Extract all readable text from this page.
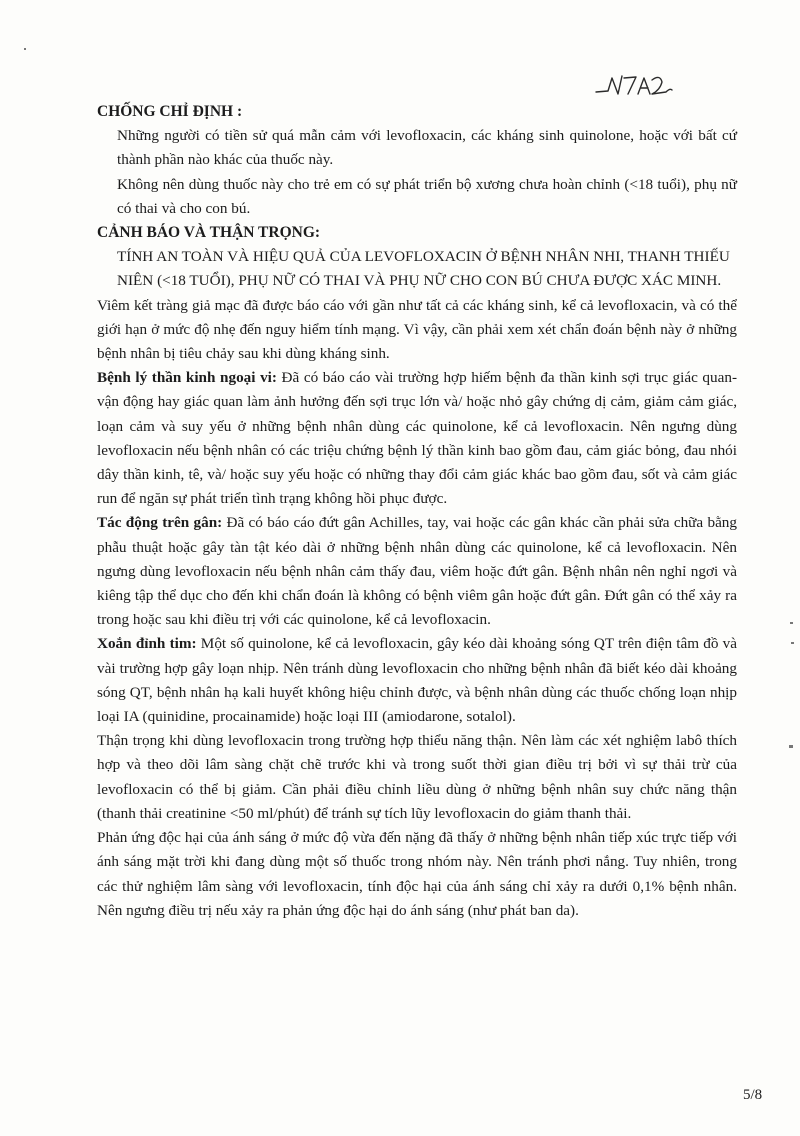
CHỐNG CHỈ ĐỊNH :

Những người có tiền sử quá mẫn cảm với levofloxacin, các kháng sinh quinolone, hoặc với bất cứ thành phần nào khác của thuốc này.

Không nên dùng thuốc này cho trẻ em có sự phát triển bộ xương chưa hoàn chỉnh (<18 tuổi), phụ nữ có thai và cho con bú.

CẢNH BÁO VÀ THẬN TRỌNG:

TÍNH AN TOÀN VÀ HIỆU QUẢ CỦA LEVOFLOXACIN Ở BỆNH NHÂN NHI, THANH THIẾU NIÊN (<18 TUỔI), PHỤ NỮ CÓ THAI VÀ PHỤ NỮ CHO CON BÚ CHƯA ĐƯỢC XÁC MINH.

Viêm kết tràng giả mạc đã được báo cáo với gần như tất cả các kháng sinh, kể cả levofloxacin, và có thể giới hạn ở mức độ nhẹ đến nguy hiểm tính mạng. Vì vậy, cần phải xem xét chẩn đoán bệnh này ở những bệnh nhân bị tiêu chảy sau khi dùng kháng sinh.

Bệnh lý thần kinh ngoại vi: Đã có báo cáo vài trường hợp hiếm bệnh đa thần kinh sợi trục giác quan-vận động hay giác quan làm ảnh hưởng đến sợi trục lớn và/ hoặc nhỏ gây chứng dị cảm, giảm cảm giác, loạn cảm và suy yếu ở những bệnh nhân dùng các quinolone, kể cả levofloxacin. Nên ngưng dùng levofloxacin nếu bệnh nhân có các triệu chứng bệnh lý thần kinh bao gồm đau, cảm giác bỏng, đau nhói dây thần kinh, tê, và/ hoặc suy yếu hoặc có những thay đổi cảm giác khác bao gồm đau, sốt và cảm giác run để ngăn sự phát triển tình trạng không hồi phục được.

Tác động trên gân: Đã có báo cáo đứt gân Achilles, tay, vai hoặc các gân khác cần phải sửa chữa bằng phẫu thuật hoặc gây tàn tật kéo dài ở những bệnh nhân dùng các quinolone, kể cả levofloxacin. Nên ngưng dùng levofloxacin nếu bệnh nhân cảm thấy đau, viêm hoặc đứt gân. Bệnh nhân nên nghỉ ngơi và kiêng tập thể dục cho đến khi chẩn đoán là không có bệnh viêm gân hoặc đứt gân. Đứt gân có thể xảy ra trong hoặc sau khi điều trị với các quinolone, kể cả levofloxacin.

Xoắn đỉnh tim: Một số quinolone, kể cả levofloxacin, gây kéo dài khoảng sóng QT trên điện tâm đồ và vài trường hợp gây loạn nhịp. Nên tránh dùng levofloxacin cho những bệnh nhân đã biết kéo dài khoảng sóng QT, bệnh nhân hạ kali huyết không hiệu chỉnh được, và bệnh nhân dùng các thuốc chống loạn nhịp loại IA (quinidine, procainamide) hoặc loại III (amiodarone, sotalol).

Thận trọng khi dùng levofloxacin trong trường hợp thiểu năng thận. Nên làm các xét nghiệm labô thích hợp và theo dõi lâm sàng chặt chẽ trước khi và trong suốt thời gian điều trị bởi vì sự thải trừ của levofloxacin có thể bị giảm. Cần phải điều chỉnh liều dùng ở những bệnh nhân suy chức năng thận (thanh thải creatinine <50 ml/phút) để tránh sự tích lũy levofloxacin do giảm thanh thải.

Phản ứng độc hại của ánh sáng ở mức độ vừa đến nặng đã thấy ở những bệnh nhân tiếp xúc trực tiếp với ánh sáng mặt trời khi đang dùng một số thuốc trong nhóm này. Nên tránh phơi nắng. Tuy nhiên, trong các thử nghiệm lâm sàng với levofloxacin, tính độc hại của ánh sáng chỉ xảy ra dưới 0,1% bệnh nhân. Nên ngưng điều trị nếu xảy ra phản ứng độc hại do ánh sáng (như phát ban da).

5/8
